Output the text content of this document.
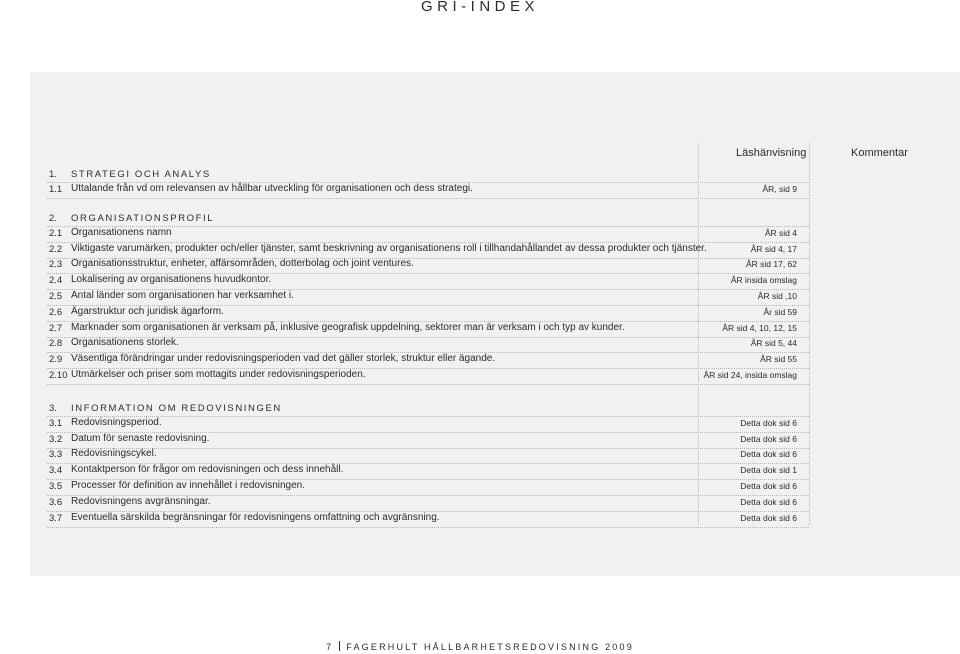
GRI-INDEX
Läshänvisning	Kommentar
1. STRATEGI OCH ANALYS
1.1 Uttalande från vd om relevansen av hållbar utveckling för organisationen och dess strategi.	ÅR, sid 9
2. ORGANISATIONSPROFIL
2.1 Organisationens namn	ÅR sid 4
2.2 Viktigaste varumärken, produkter och/eller tjänster, samt beskrivning av organisationens roll i tillhandahållandet av dessa produkter och tjänster.	ÅR sid 4, 17
2.3 Organisationsstruktur, enheter, affärsområden, dotterbolag och joint ventures.	ÅR sid 17, 62
2.4 Lokalisering av organisationens huvudkontor.	ÅR insida omslag
2.5 Antal länder som organisationen har verksamhet i.	ÅR sid ,10
2.6 Ägarstruktur och juridisk ägarform.	År sid 59
2.7 Marknader som organisationen är verksam på, inklusive geografisk uppdelning, sektorer man är verksam i och typ av kunder.	ÅR sid 4, 10, 12, 15
2.8 Organisationens storlek.	ÅR sid 5, 44
2.9 Väsentliga förändringar under redovisningsperioden vad det gäller storlek, struktur eller ägande.	ÅR sid 55
2.10 Utmärkelser och priser som mottagits under redovisningsperioden.	ÅR sid 24, insida omslag
3. INFORMATION OM REDOVISNINGEN
3.1 Redovisningsperiod.	Detta dok sid 6
3.2 Datum för senaste redovisning.	Detta dok sid 6
3.3 Redovisningscykel.	Detta dok sid 6
3.4 Kontaktperson för frågor om redovisningen och dess innehåll.	Detta dok sid 1
3.5 Processer för definition av innehållet i redovisningen.	Detta dok sid 6
3.6 Redovisningens avgränsningar.	Detta dok sid 6
3.7 Eventuella särskilda begränsningar för redovisningens omfattning och avgränsning.	Detta dok sid 6
7 FAGERHULT HÅLLBARHETSREDOVISNING 2009
